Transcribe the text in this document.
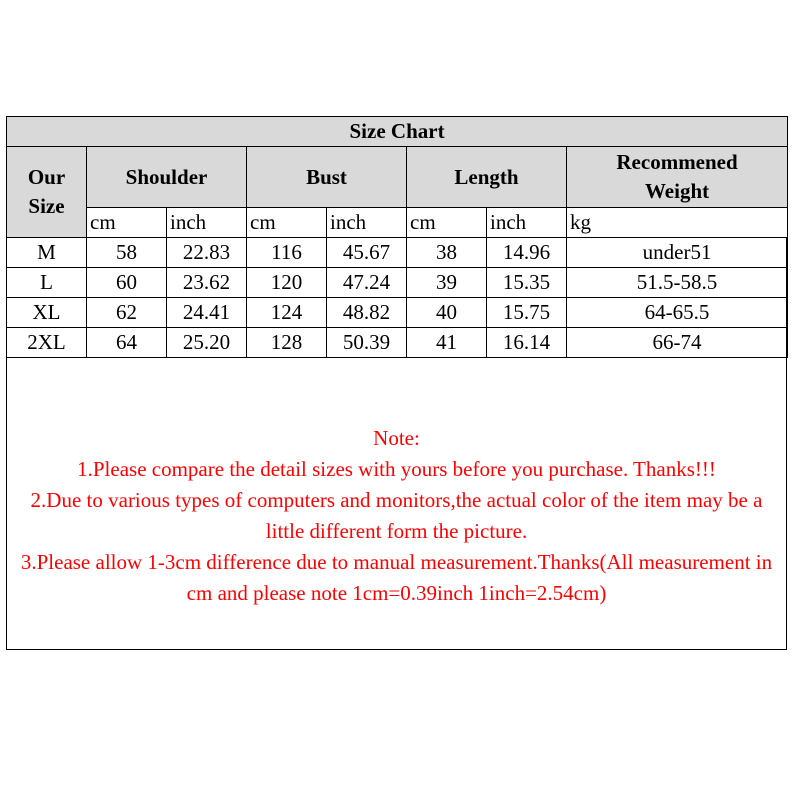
Size Chart							
Our Size	Shoulder		Bust		Length		Recommened Weight
	cm	inch	cm	inch	cm	inch	kg
M	58	22.83	116	45.67	38	14.96	under51
L	60	23.62	120	47.24	39	15.35	51.5-58.5
XL	62	24.41	124	48.82	40	15.75	64-65.5
2XL	64	25.20	128	50.39	41	16.14	66-74
Note:
1.Please compare the detail sizes with yours before you purchase. Thanks!!!
2.Due to various types of computers and monitors,the actual color of the item may be a little different form the picture.
3.Please allow 1-3cm difference due to manual measurement.Thanks(All measurement in cm and please note 1cm=0.39inch 1inch=2.54cm)
